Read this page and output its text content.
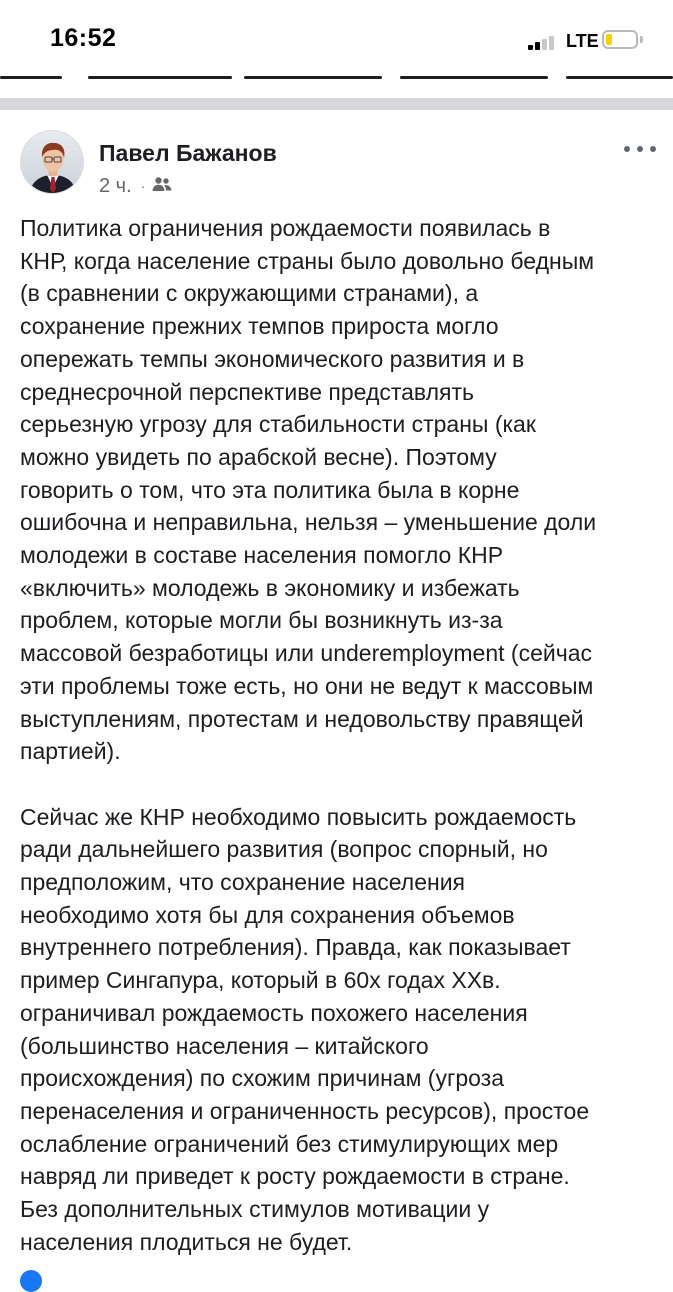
16:52	LTE
Павел Бажанов
2 ч. ·
Политика ограничения рождаемости появилась в
КНР, когда население страны было довольно бедным
(в сравнении с окружающими странами), а
сохранение прежних темпов прироста могло
опережать темпы экономического развития и в
среднесрочной перспективе представлять
серьезную угрозу для стабильности страны (как
можно увидеть по арабской весне). Поэтому
говорить о том, что эта политика была в корне
ошибочна и неправильна, нельзя – уменьшение доли
молодежи в составе населения помогло КНР
«включить» молодежь в экономику и избежать
проблем, которые могли бы возникнуть из-за
массовой безработицы или underemployment (сейчас
эти проблемы тоже есть, но они не ведут к массовым
выступлениям, протестам и недовольству правящей
партией).
Сейчас же КНР необходимо повысить рождаемость
ради дальнейшего развития (вопрос спорный, но
предположим, что сохранение населения
необходимо хотя бы для сохранения объемов
внутреннего потребления). Правда, как показывает
пример Сингапура, который в 60х годах XXв.
ограничивал рождаемость похожего населения
(большинство населения – китайского
происхождения) по схожим причинам (угроза
перенаселения и ограниченность ресурсов), простое
ослабление ограничений без стимулирующих мер
навряд ли приведет к росту рождаемости в стране.
Без дополнительных стимулов мотивации у
населения плодиться не будет.
